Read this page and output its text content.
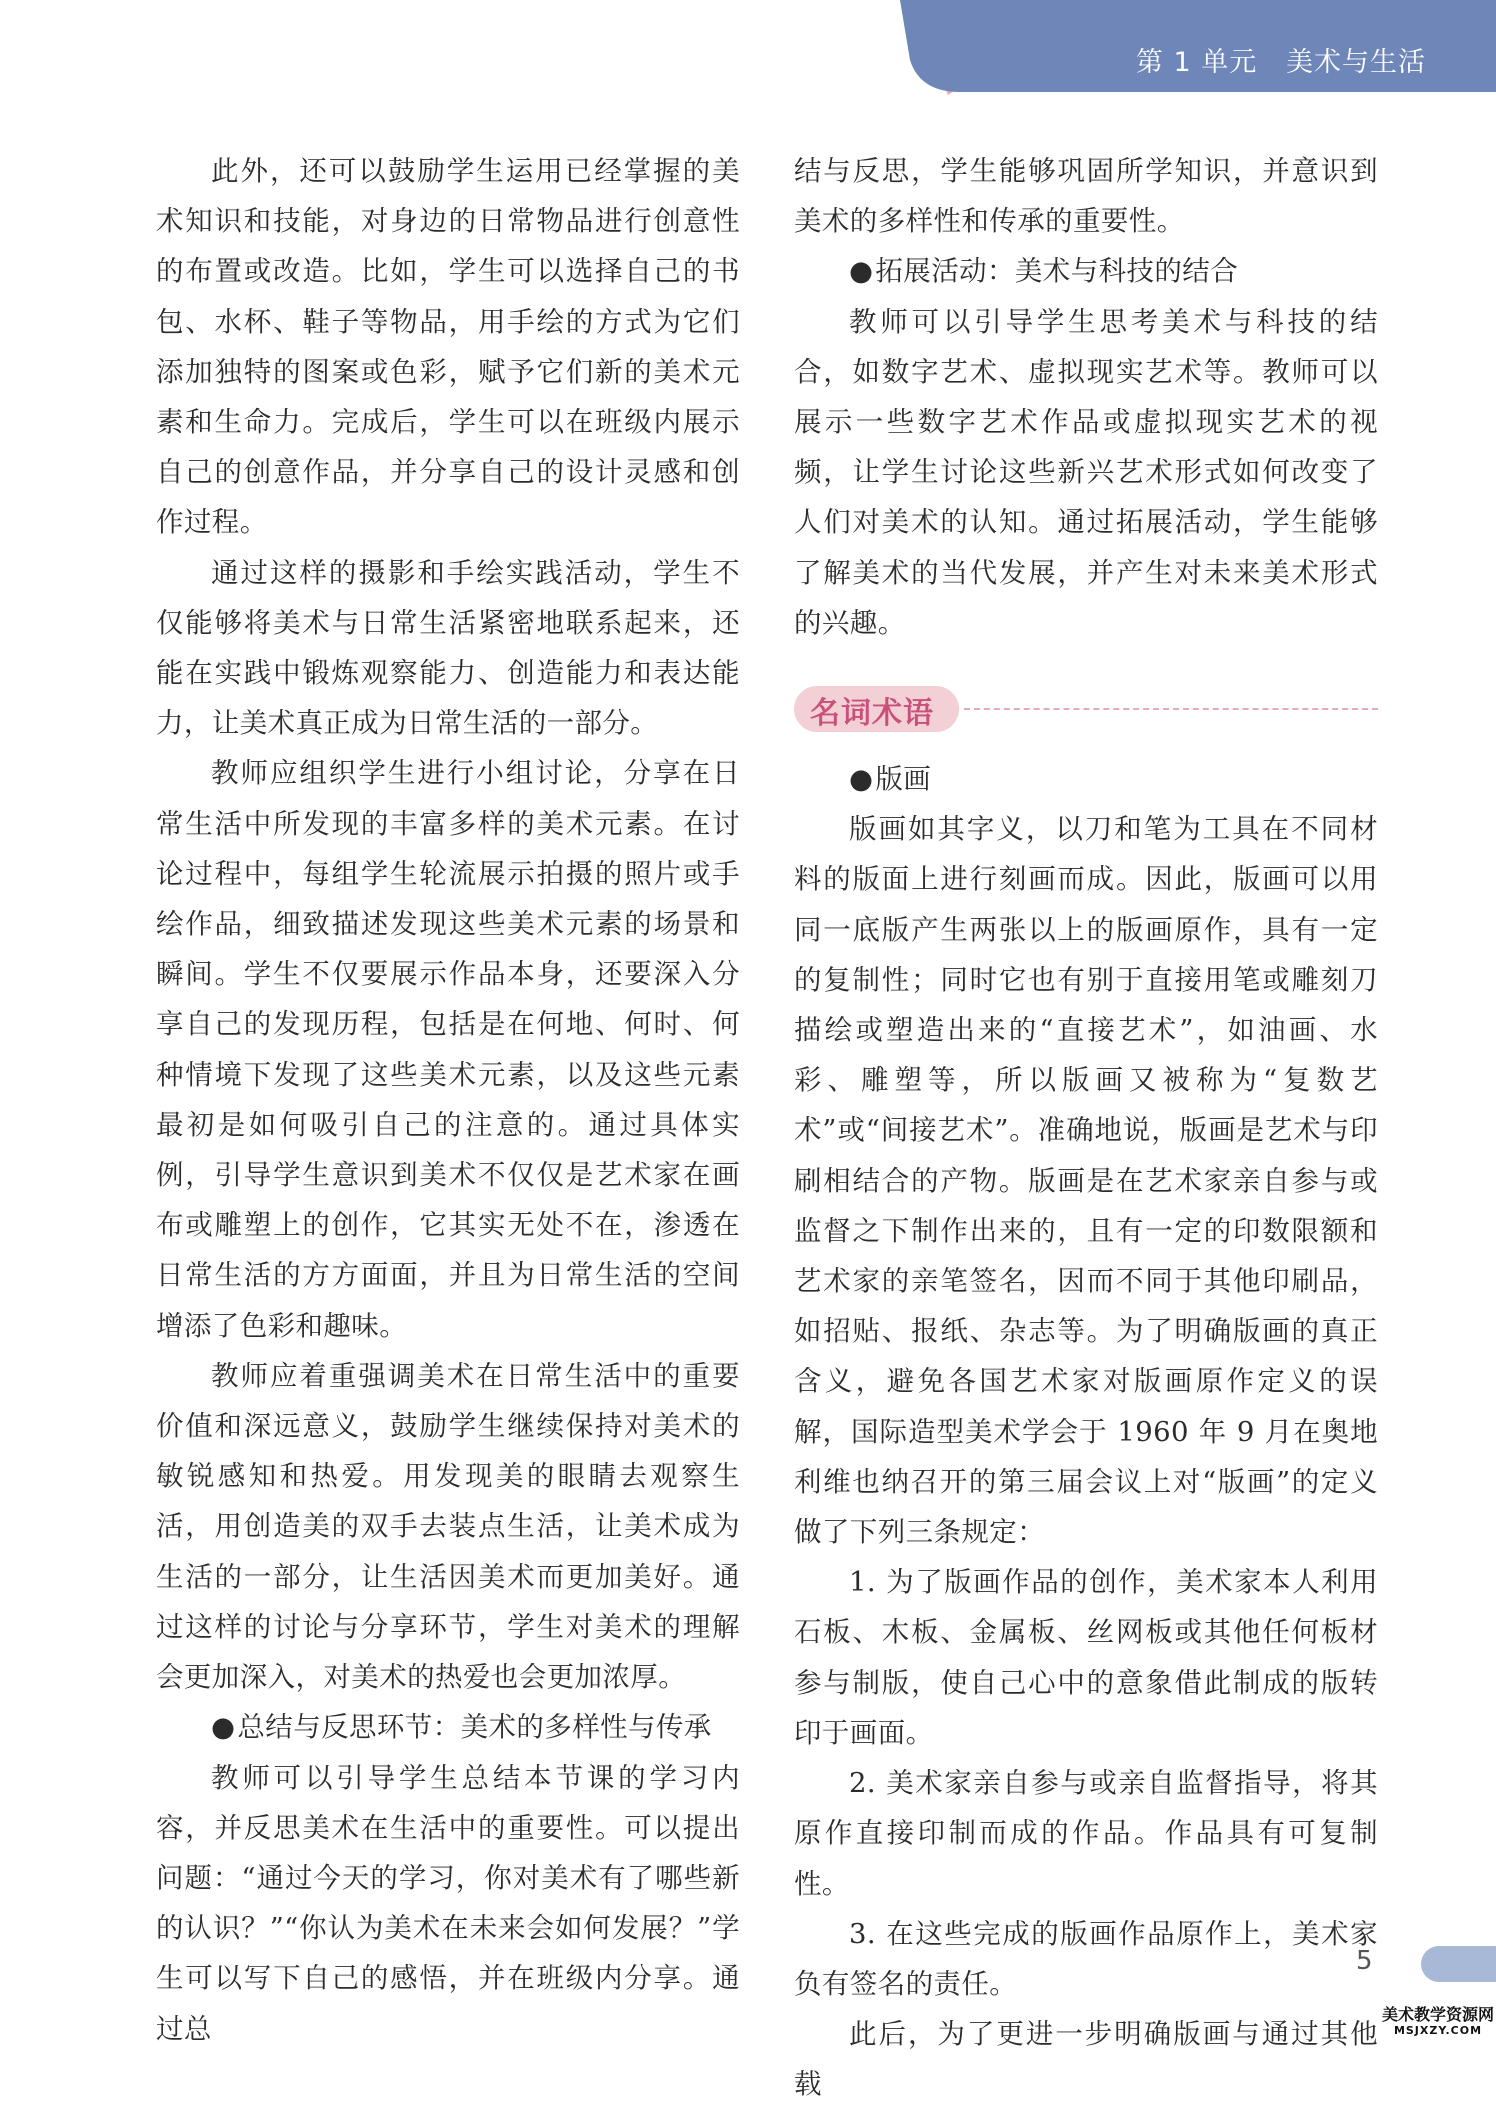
第 1 单元   美术与生活

此外，还可以鼓励学生运用已经掌握的美术知识和技能，对身边的日常物品进行创意性的布置或改造。比如，学生可以选择自己的书包、水杯、鞋子等物品，用手绘的方式为它们添加独特的图案或色彩，赋予它们新的美术元素和生命力。完成后，学生可以在班级内展示自己的创意作品，并分享自己的设计灵感和创作过程。

通过这样的摄影和手绘实践活动，学生不仅能够将美术与日常生活紧密地联系起来，还能在实践中锻炼观察能力、创造能力和表达能力，让美术真正成为日常生活的一部分。

教师应组织学生进行小组讨论，分享在日常生活中所发现的丰富多样的美术元素。在讨论过程中，每组学生轮流展示拍摄的照片或手绘作品，细致描述发现这些美术元素的场景和瞬间。学生不仅要展示作品本身，还要深入分享自己的发现历程，包括是在何地、何时、何种情境下发现了这些美术元素，以及这些元素最初是如何吸引自己的注意的。通过具体实例，引导学生意识到美术不仅仅是艺术家在画布或雕塑上的创作，它其实无处不在，渗透在日常生活的方方面面，并且为日常生活的空间增添了色彩和趣味。

教师应着重强调美术在日常生活中的重要价值和深远意义，鼓励学生继续保持对美术的敏锐感知和热爱。用发现美的眼睛去观察生活，用创造美的双手去装点生活，让美术成为生活的一部分，让生活因美术而更加美好。通过这样的讨论与分享环节，学生对美术的理解会更加深入，对美术的热爱也会更加浓厚。

●总结与反思环节：美术的多样性与传承

教师可以引导学生总结本节课的学习内容，并反思美术在生活中的重要性。可以提出问题：“通过今天的学习，你对美术有了哪些新的认识？”“你认为美术在未来会如何发展？”学生可以写下自己的感悟，并在班级内分享。通过总

结与反思，学生能够巩固所学知识，并意识到美术的多样性和传承的重要性。

●拓展活动：美术与科技的结合

教师可以引导学生思考美术与科技的结合，如数字艺术、虚拟现实艺术等。教师可以展示一些数字艺术作品或虚拟现实艺术的视频，让学生讨论这些新兴艺术形式如何改变了人们对美术的认知。通过拓展活动，学生能够了解美术的当代发展，并产生对未来美术形式的兴趣。

名词术语

●版画

版画如其字义，以刀和笔为工具在不同材料的版面上进行刻画而成。因此，版画可以用同一底版产生两张以上的版画原作，具有一定的复制性；同时它也有别于直接用笔或雕刻刀描绘或塑造出来的“直接艺术”，如油画、水彩、雕塑等，所以版画又被称为“复数艺术”或“间接艺术”。准确地说，版画是艺术与印刷相结合的产物。版画是在艺术家亲自参与或监督之下制作出来的，且有一定的印数限额和艺术家的亲笔签名，因而不同于其他印刷品，如招贴、报纸、杂志等。为了明确版画的真正含义，避免各国艺术家对版画原作定义的误解，国际造型美术学会于 1960 年 9 月在奥地利维也纳召开的第三届会议上对“版画”的定义做了下列三条规定：

1. 为了版画作品的创作，美术家本人利用石板、木板、金属板、丝网板或其他任何板材参与制版，使自己心中的意象借此制成的版转印于画面。

2. 美术家亲自参与或亲自监督指导，将其原作直接印制而成的作品。作品具有可复制性。

3. 在这些完成的版画作品原作上，美术家负有签名的责任。

此后，为了更进一步明确版画与通过其他载

5
美术教学资源网
MSJXZY.COM
